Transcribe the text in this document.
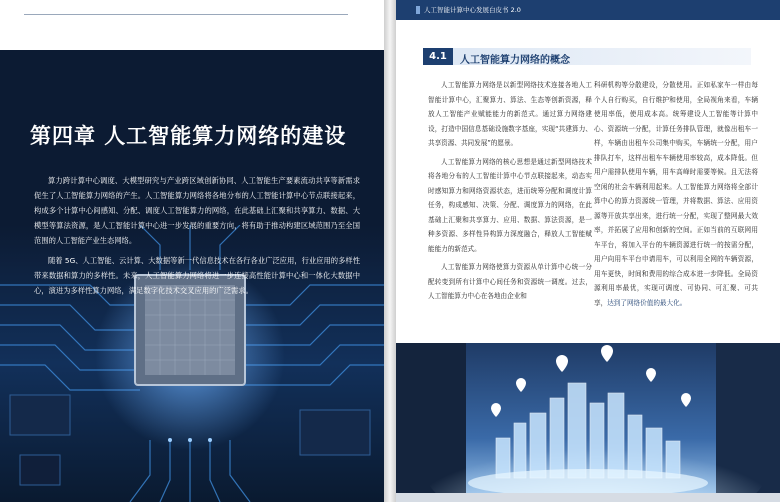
第四章 人工智能算力网络的建设

算力跨计算中心调度、大模型研究与产业跨区域创新协同、人工智能生产要素流动共享等新需求促生了人工智能算力网络的产生。人工智能算力网络将各地分布的人工智能计算中心节点联接起来，构成多个计算中心间感知、分配、调度人工智能算力的网络，在此基础上汇聚和共享算力、数据、大模型等算法资源，是人工智能计算中心进一步发展的重要方向，将有助于推动构建区域范围乃至全国范围的人工智能产业生态网络。

随着 5G、人工智能、云计算、大数据等新一代信息技术在各行各业广泛应用，行业应用的多样性带来数据和算力的多样性。未来，人工智能算力网络将进一步连接高性能计算中心和一体化大数据中心，演进为多样性算力网络，满足数字化技术交叉应用的广泛需求。

人工智能计算中心发展白皮书 2.0
4.1	人工智能算力网络的概念

人工智能算力网络是以新型网络技术连接各地人工智能计算中心，汇聚算力、算法、生态等创新资源，释放人工智能产业赋能能力的新范式。通过算力网络建设，打造中国信息基础设施数字基座，实现“共建算力、共享资源、共同发展”的愿景。

人工智能算力网络的核心思想是通过新型网络技术将各地分布的人工智能计算中心节点联接起来，动态实时感知算力和网络资源状态，进而统筹分配和调度计算任务，构成感知、决策、分配、调度算力的网络，在此基础上汇聚和共享算力、应用、数据、算法资源，是一种多资源、多样性异构算力深度融合，释放人工智能赋能能力的新范式。

人工智能算力网络使算力资源从单计算中心统一分配转变到所有计算中心间任务和资源统一调度。过去，人工智能算力中心在各地由企业和

科研机构等分散建设，分散使用。正如私家车一样由每个人自行购买，自行维护和使用，全局视角来看，车辆使用率低，使用成本高。统筹建设人工智能等计算中心、资源统一分配，计算任务排队管理，就像出租车一样，车辆由出租车公司集中购买，车辆统一分配，用户排队打车，这样出租车车辆使用率较高，成本降低。但用户需排队使用车辆，用车高峰时需要等候。且无法将空闲的社会车辆利用起来。人工智能算力网络将全部计算中心的算力资源统一管理，并将数据、算法、应用资源等开放共享出来，进行统一分配，实现了整网最大效率，并拓展了应用和创新的空间。正如当前的互联网用车平台，将加入平台的车辆资源进行统一的按需分配，用户向用车平台申请用车，可以利用全网的车辆资源，用车更快，时间和费用的综合成本进一步降低。全局资源利用率最优，实现可调度、可协同、可汇聚、可共享，达到了网络价值的最大化。
